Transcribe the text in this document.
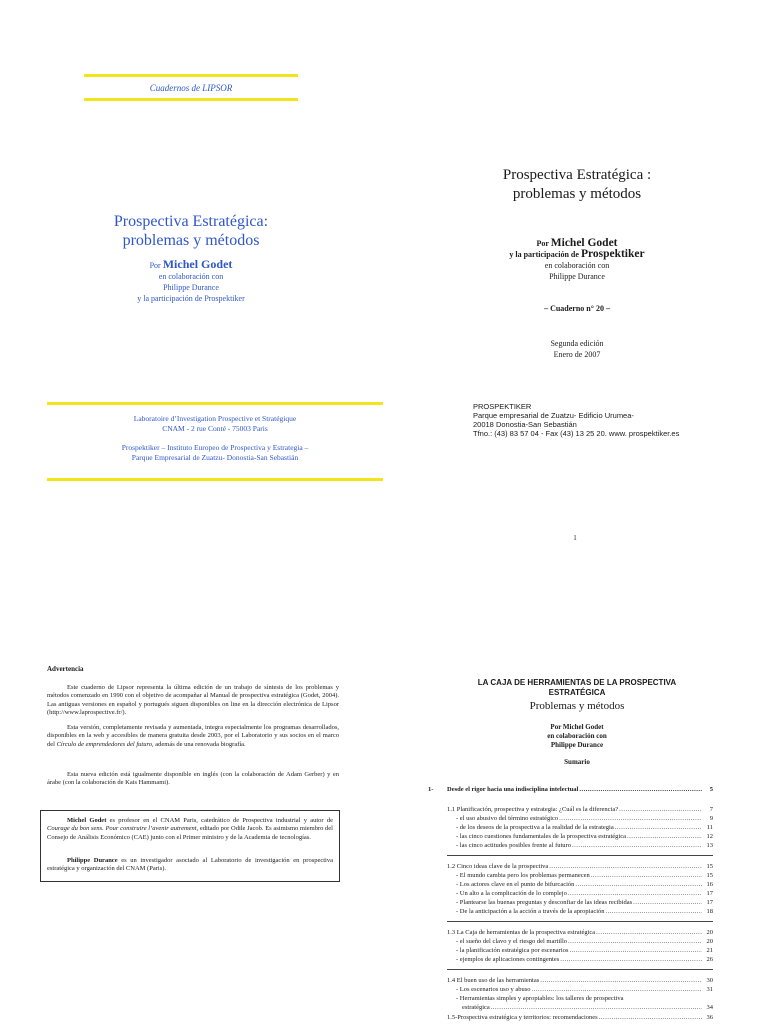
Cuadernos de LIPSOR
Prospectiva Estratégica:
problemas y métodos
Por Michel Godet
en colaboración con
Philippe Durance
y la participación de Prospektiker
Laboratoire d’Investigation Prospective et Stratégique
CNAM - 2 rue Conté - 75003 Paris
Prospektiker – Instituto Europeo de Prospectiva y Estrategia –
Parque Empresarial de Zuatzu- Donostia-San Sebastián
Prospectiva Estratégica :
problemas y métodos
Por Michel Godet
y la participación de Prospektiker
en colaboración con
Philippe Durance
– Cuaderno n° 20 –
Segunda edición
Enero de 2007
PROSPEKTIKER
Parque empresarial de Zuatzu- Edificio Urumea-
20018 Donostia-San Sebastián
Tfno.: (43) 83 57 04 - Fax (43) 13 25 20. www. prospektiker.es
1
Advertencia
Este cuaderno de Lipsor representa la última edición de un trabajo de síntesis de los problemas y métodos comenzado en 1990 con el objetivo de acompañar al Manual de prospectiva estratégica (Godet, 2004). Las antiguas versiones en español y portugués siguen disponibles on line en la dirección electrónica de Lipsor (http://www.laprospective.fr/).
Esta versión, completamente revisada y aumentada, integra especialmente los programas desarrollados, disponibles en la web y accesibles de manera gratuita desde 2003, por el Laboratorio y sus socios en el marco del Círculo de emprendedores del futuro, además de una renovada biografía.
Esta nueva edición está igualmente disponible en inglés (con la colaboración de Adam Gerber) y en árabe (con la colaboración de Kais Hammami).
Michel Godet es profesor en el CNAM Paris, catedrático de Prospectiva industrial y autor de Courage du bon sens. Pour construire l’avenir autrement, editado por Odile Jacob. Es asimismo miembro del Consejo de Análisis Económico (CAE) junto con el Primer ministro y de la Academia de tecnologías.
Philippe Durance es un investigador asociado al Laboratorio de investigación en prospectiva estratégica y organización del CNAM (Paris).
LA CAJA DE HERRAMIENTAS DE LA PROSPECTIVA
ESTRATÉGICA
Problemas y métodos
Por Michel Godet
en colaboración con
Philippe Durance
Sumario
1- Desde el rigor hacia una indisciplina intelectual .....	5
1.1 Planificación, prospectiva y estrategia: ¿Cuál es la diferencia? .....	7
- el uso abusivo del término estratégico .....	9
- de los deseos de la prospectiva a la realidad de la estrategia .....	11
- las cinco cuestiones fundamentales de la prospectiva estratégica .....	12
- las cinco actitudes posibles frente al futuro .....	13
1.2 Cinco ideas clave de la prospectiva .....	15
- El mundo cambia pero los problemas permanecen .....	15
- Los actores clave en el punto de bifurcación .....	16
- Un alto a la complicación de lo complejo .....	17
- Plantearse las buenas preguntas y desconfiar de las ideas recibidas .....	17
- De la anticipación a la acción a través de la apropiación .....	18
1.3 La Caja de herramientas de la prospectiva estratégica .....	20
- el sueño del clavo y el riesgo del martillo .....	20
- la planificación estratégica por escenarios .....	21
- ejemplos de aplicaciones contingentes .....	26
1.4 El buen uso de las herramientas .....	30
- Los escenarios uso y abuso .....	31
- Herramientas simples y apropiables: los talleres de prospectiva
estratégica .....	34
1.5-Prospectiva estratégica y territorios: recomendaciones .....	36
